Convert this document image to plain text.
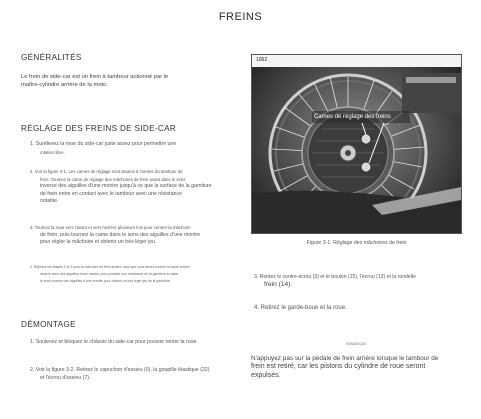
FREINS
GÉNÉRALITÉS
Le frein de side-car est un frein à tambour actionné par le
maître-cylindre arrière de la moto.
RÉGLAGE DES FREINS DE SIDE-CAR
1. Surélevez la roue du side-car juste assez pour permettre une
rotation libre.
2. Voir la figure 3-1. Les cames de réglage sont situées à l'arrière du tambour de
frein. Tournez la came de réglage des mâchoires de frein avant dans le sens
inverse des aiguilles d'une montre jusqu'à ce que la surface de la garniture
de frein entre en contact avec le tambour avec une résistance
notable.
3. Tournez la roue vers l'avant et vers l'arrière plusieurs fois pour centrer la mâchoire
de frein, puis tournez la came dans le sens des aiguilles d'une montre
pour régler la mâchoire et obtenir un très léger jeu.
4. Répétez les étapes 2 et 3 pour la mâchoire de frein arrière, sauf que vous devez tourner la came arrière
dans le sens des aiguilles d'une montre pour produire une résistance de la garniture et dans
le sens inverse des aiguilles d'une montre pour obtenir un très léger jeu de la garniture.
DÉMONTAGE
1. Soulevez et bloquez le châssis du side-car pour pouvoir retirer la roue.
2. Voir la figure 3-2. Retirez le capuchon d'essieu (6), la goupille élastique (22)
et l'écrou d'essieu (7).
1062
Cames de réglage des freins
Figure 3-1. Réglage des mâchoires de frein
3. Retirez le contre-écrou (3) et le boulon (15), l'écrou (13) et la rondelle
frein (14).
4. Retirez le garde-boue et la roue.
REMARQUE
N'appuyez pas sur la pédale de frein arrière lorsque le tambour de
frein est retiré, car les pistons du cylindre de roue seront
expulsés.
